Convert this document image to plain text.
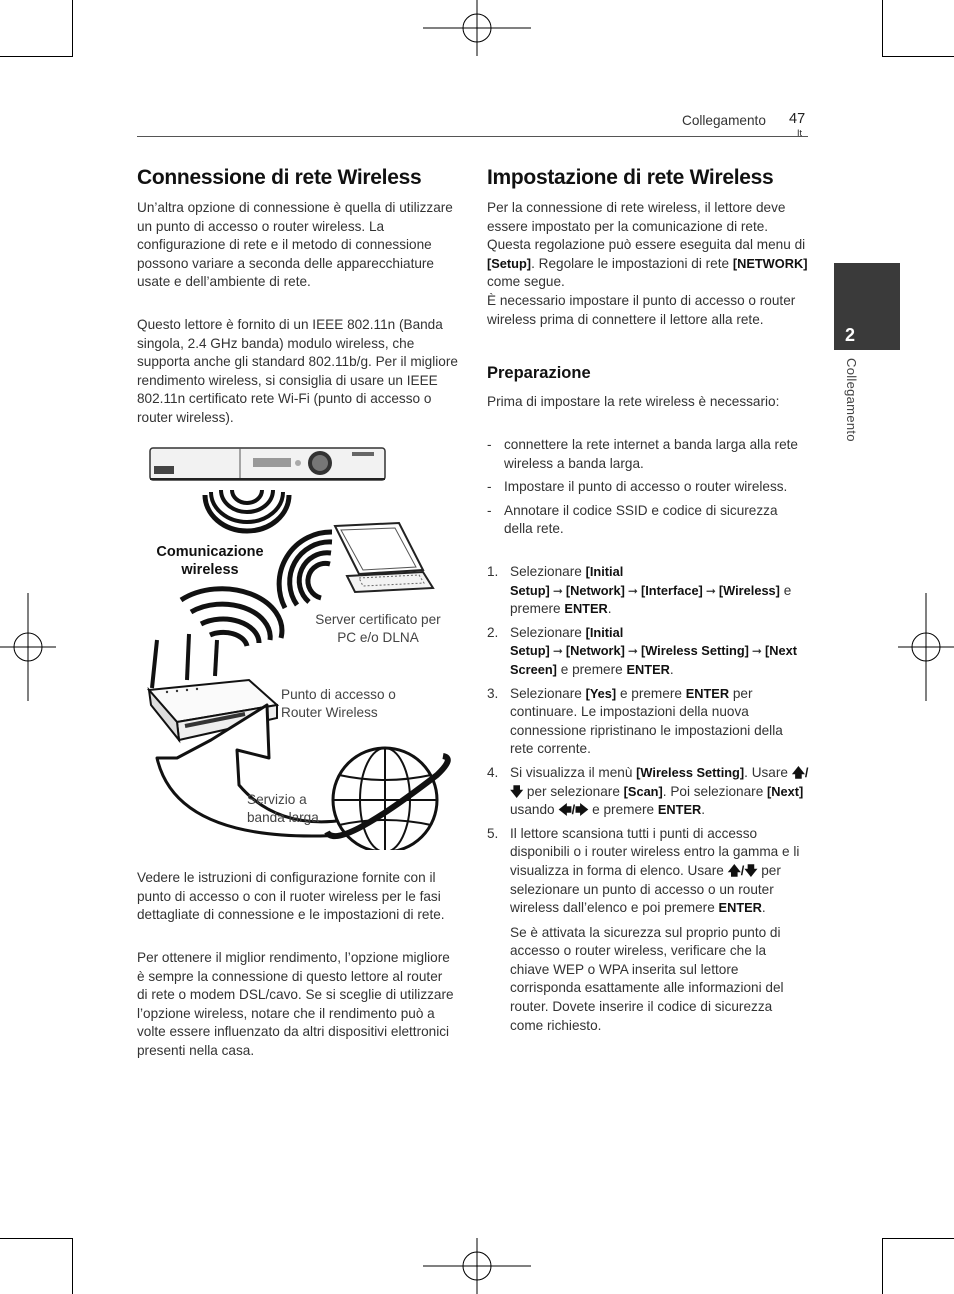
Collegamento 47
It
2
Collegamento
Connessione di rete Wireless
Un’altra opzione di connessione è quella di utilizzare un punto di accesso o router wireless. La configurazione di rete e il metodo di connessione possono variare a seconda delle apparecchiature usate e dell’ambiente di rete.
Questo lettore è fornito di un IEEE 802.11n (Banda singola, 2.4 GHz banda) modulo wireless, che supporta anche gli standard 802.11b/g. Per il migliore rendimento wireless, si consiglia di usare un IEEE 802.11n certificato rete Wi-Fi (punto di accesso o router wireless).
Comunicazione
wireless
Server certificato per
PC e/o DLNA
Punto di accesso o
Router Wireless
Servizio a
banda larga
Vedere le istruzioni di configurazione fornite con il punto di accesso o con il ruoter wireless per le fasi dettagliate di connessione e le impostazioni di rete.
Per ottenere il miglior rendimento, l’opzione migliore è sempre la connessione di questo lettore al router di rete o modem DSL/cavo. Se si sceglie di utilizzare l’opzione wireless, notare che il rendimento può a volte essere influenzato da altri dispositivi elettronici presenti nella casa.
Impostazione di rete Wireless
Per la connessione di rete wireless, il lettore deve essere impostato per la comunicazione di rete. Questa regolazione può essere eseguita dal menu di [Setup]. Regolare le impostazioni di rete [NETWORK] come segue.
È necessario impostare il punto di accesso o router wireless prima di connettere il lettore alla rete.
Preparazione
Prima di impostare la rete wireless è necessario:
- connettere la rete internet a banda larga alla rete wireless a banda larga.
- Impostare il punto di accesso o router wireless.
- Annotare il codice SSID e codice di sicurezza della rete.
1. Selezionare [Initial Setup] ➞ [Network] ➞ [Interface] ➞ [Wireless] e premere ENTER.
2. Selezionare [Initial Setup] ➞ [Network] ➞ [Wireless Setting] ➞ [Next Screen] e premere ENTER.
3. Selezionare [Yes] e premere ENTER per continuare. Le impostazioni della nuova connessione ripristinano le impostazioni della rete corrente.
4. Si visualizza il menù [Wireless Setting]. Usare 🡅/🡇 per selezionare [Scan]. Poi selezionare [Next] usando 🡄/🡆 e premere ENTER.
5. Il lettore scansiona tutti i punti di accesso disponibili o i router wireless entro la gamma e li visualizza in forma di elenco. Usare 🡅/🡇 per selezionare un punto di accesso o un router wireless dall’elenco e poi premere ENTER.
Se è attivata la sicurezza sul proprio punto di accesso o router wireless, verificare che la chiave WEP o WPA inserita sul lettore corrisponda esattamente alle informazioni del router. Dovete inserire il codice di sicurezza come richiesto.
